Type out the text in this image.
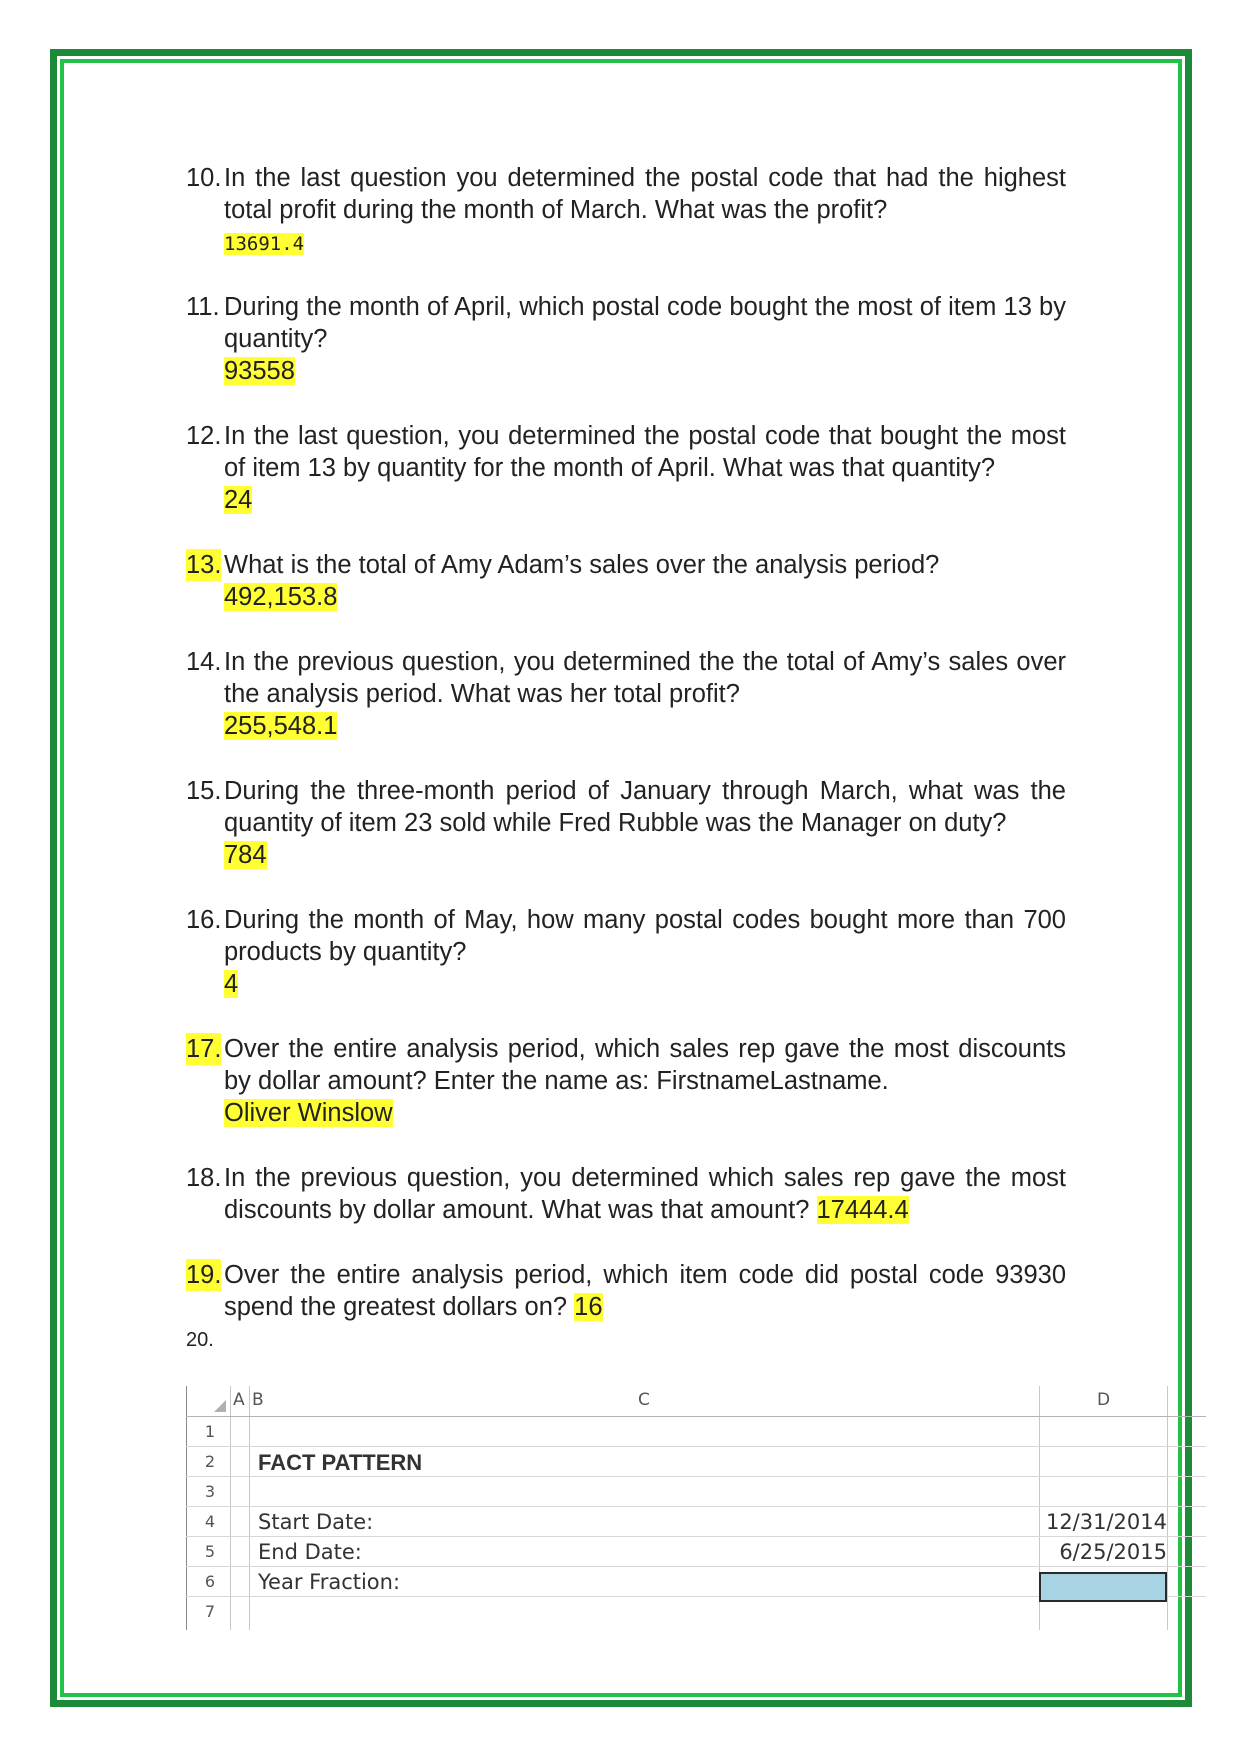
10. In the last question you determined the postal code that had the highest total profit during the month of March. What was the profit?
13691.4
11. During the month of April, which postal code bought the most of item 13 by quantity?
93558
12. In the last question, you determined the postal code that bought the most of item 13 by quantity for the month of April. What was that quantity?
24
13. What is the total of Amy Adam’s sales over the analysis period?
492,153.8
14. In the previous question, you determined the the total of Amy’s sales over the analysis period. What was her total profit?
255,548.1
15. During the three-month period of January through March, what was the quantity of item 23 sold while Fred Rubble was the Manager on duty?
784
16. During the month of May, how many postal codes bought more than 700 products by quantity?
4
17. Over the entire analysis period, which sales rep gave the most discounts by dollar amount? Enter the name as: FirstnameLastname.
Oliver Winslow
18. In the previous question, you determined which sales rep gave the most discounts by dollar amount. What was that amount? 17444.4
19. Over the entire analysis period, which item code did postal code 93930 spend the greatest dollars on? 16
20.
A B	C	D
1
2
3
4
5
6
7
FACT PATTERN
Start Date:
End Date:
Year Fraction:
12/31/2014
6/25/2015
